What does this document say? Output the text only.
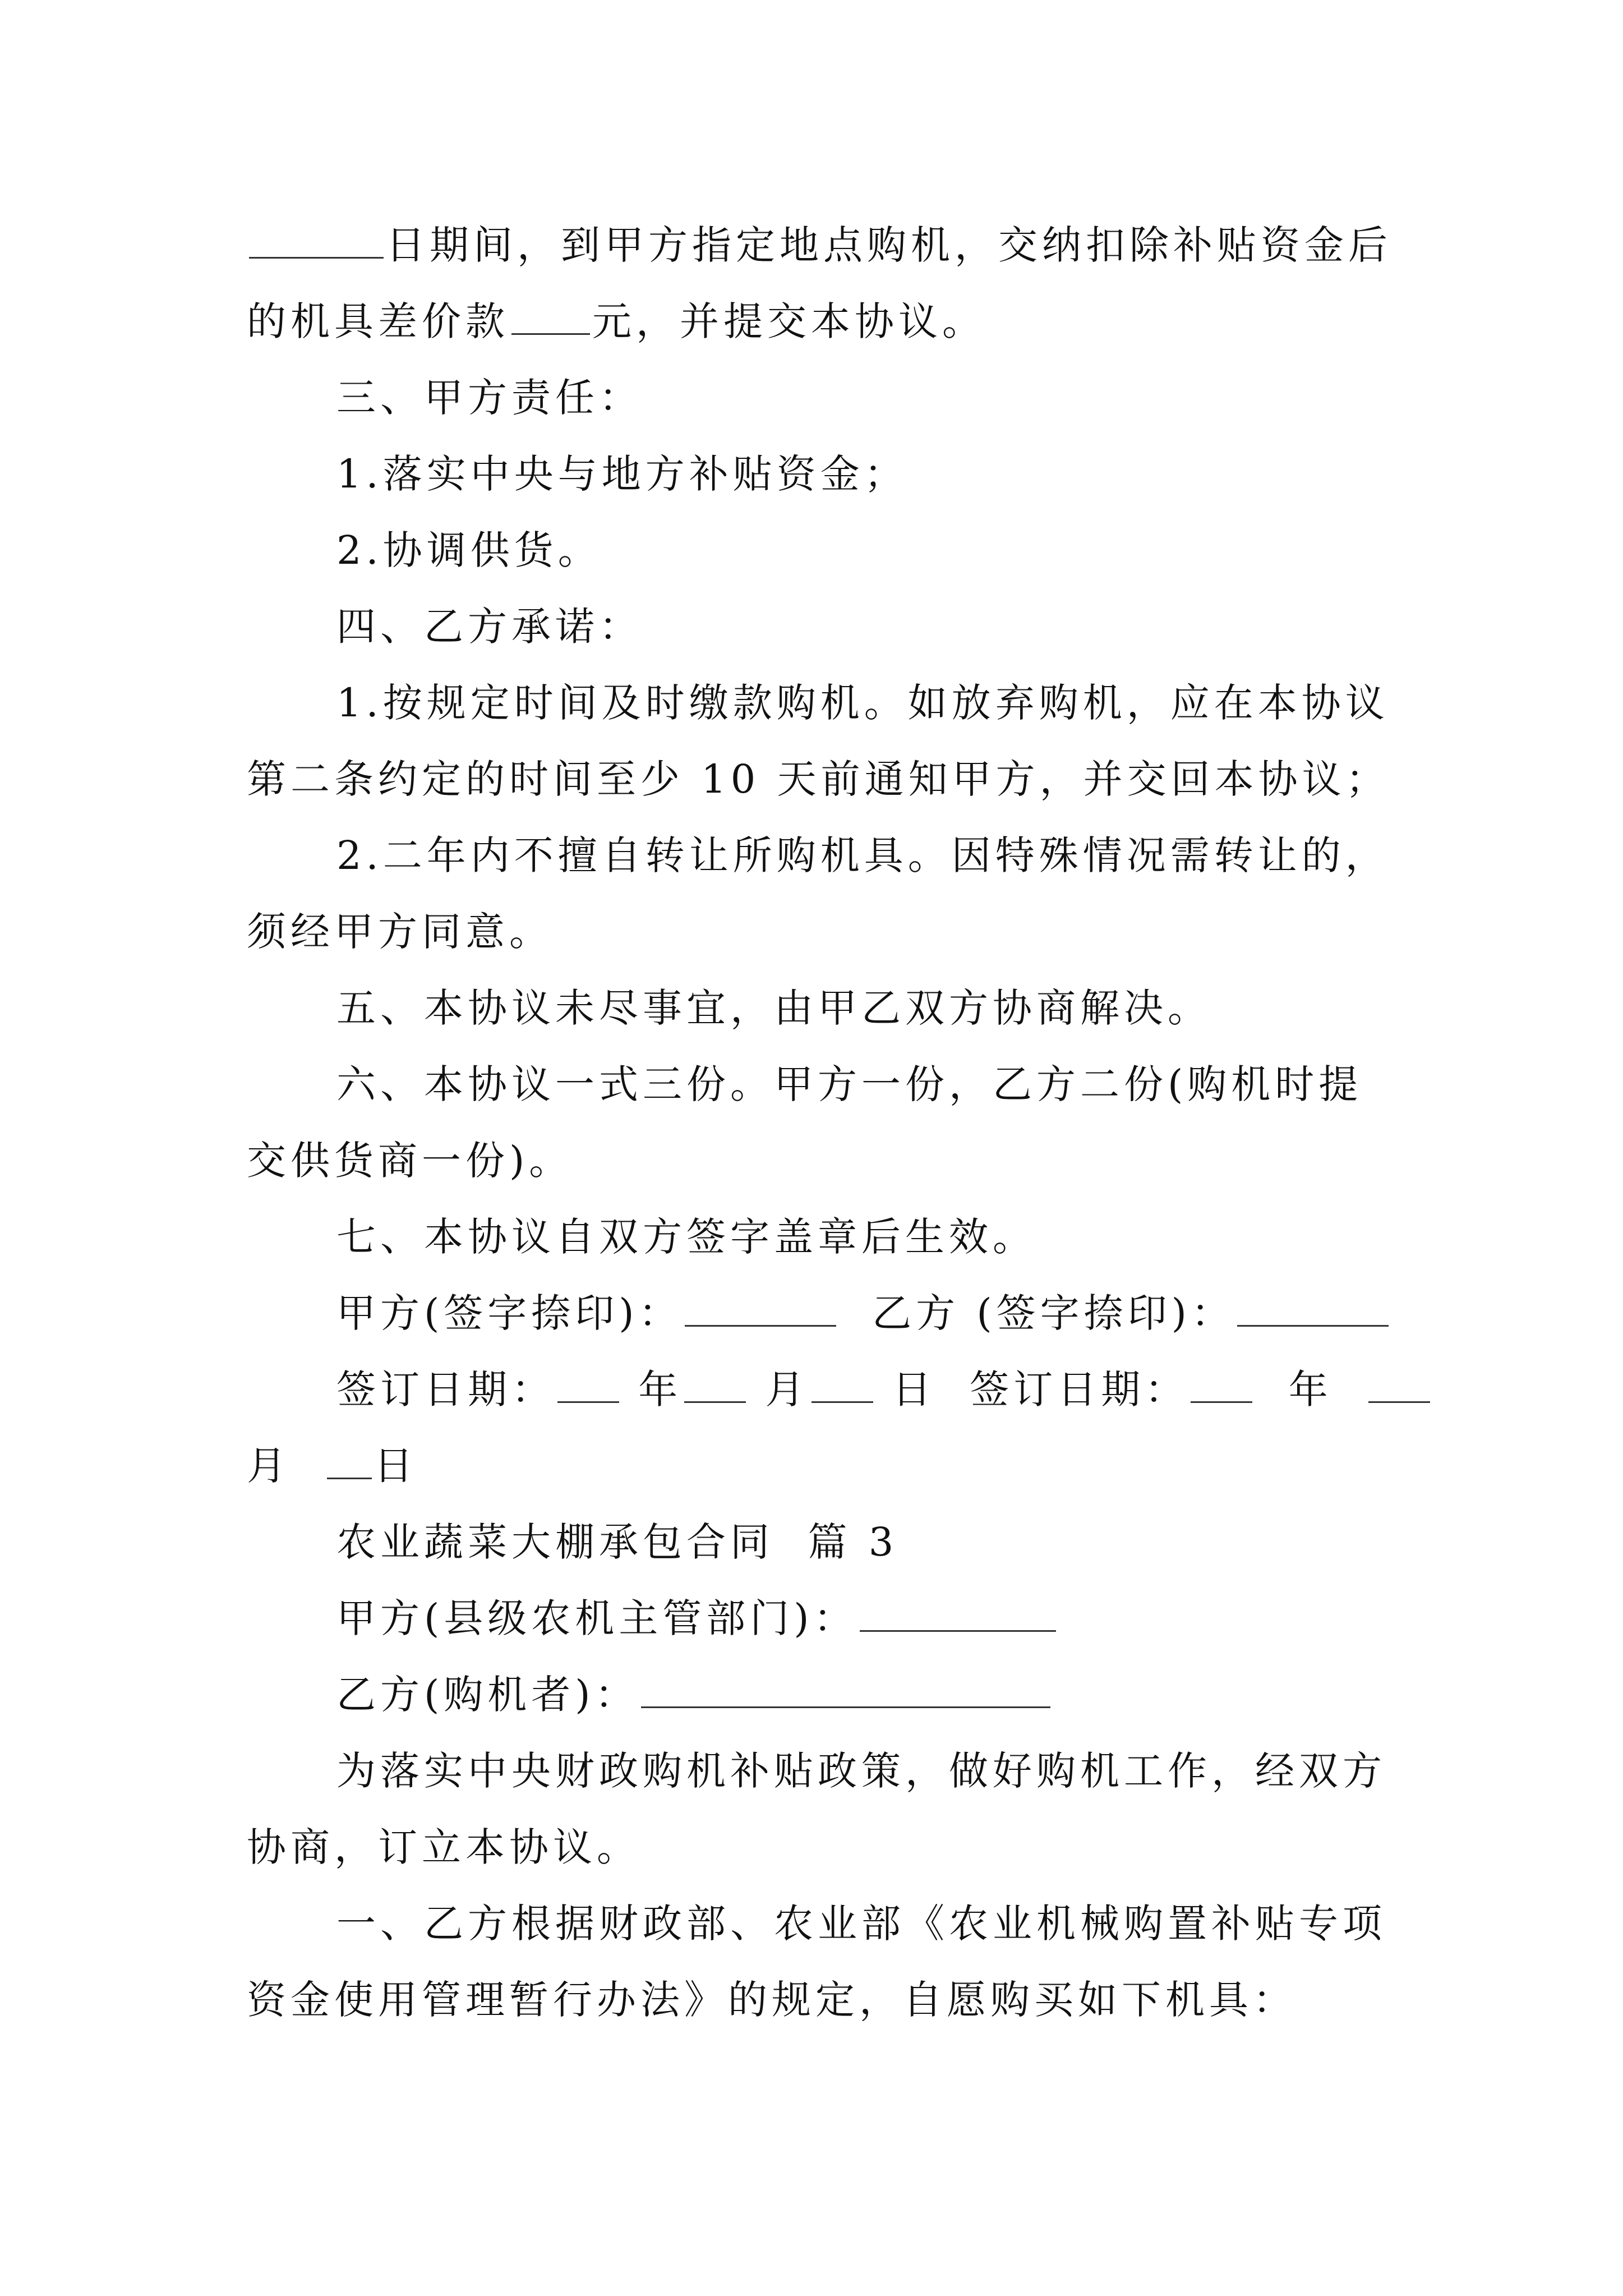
日期间，到甲方指定地点购机，交纳扣除补贴资金后
的机具差价款 元，并提交本协议。
三、甲方责任：
1.落实中央与地方补贴资金；
2.协调供货。
四、乙方承诺：
1.按规定时间及时缴款购机。如放弃购机，应在本协议
第二条约定的时间至少 10 天前通知甲方，并交回本协议；
2.二年内不擅自转让所购机具。因特殊情况需转让的，
须经甲方同意。
五、本协议未尽事宜，由甲乙双方协商解决。
六、本协议一式三份。甲方一份，乙方二份(购机时提
交供货商一份)。
七、本协议自双方签字盖章后生效。
甲方(签字捺印)：	乙方 (签字捺印)：
签订日期： 年 月 日  签订日期：  年
月  日
农业蔬菜大棚承包合同  篇 3
甲方(县级农机主管部门)：
乙方(购机者)：
为落实中央财政购机补贴政策，做好购机工作，经双方
协商，订立本协议。
一、乙方根据财政部、农业部《农业机械购置补贴专项
资金使用管理暂行办法》的规定，自愿购买如下机具：
